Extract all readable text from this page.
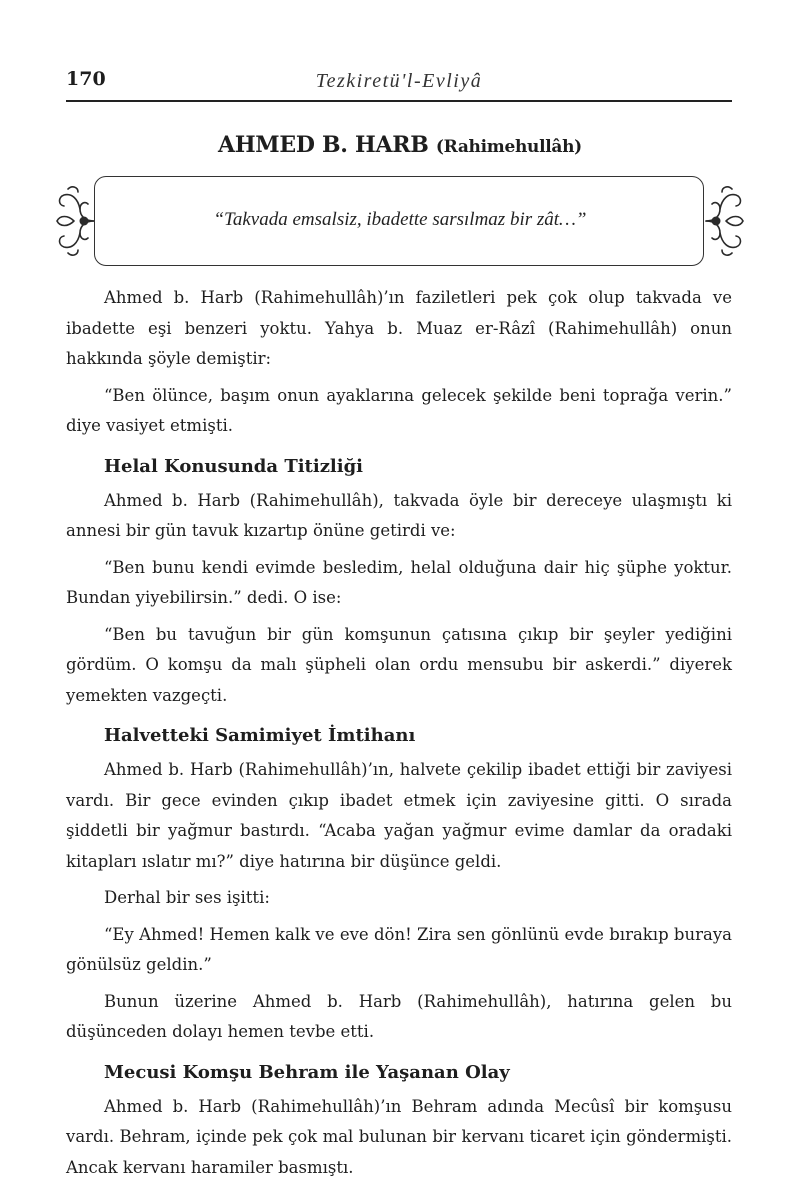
170	Tezkiretü'l-Evliyâ
AHMED B. HARB (Rahimehullâh)
“Takvada emsalsiz, ibadette sarsılmaz bir zât…”

Ahmed b. Harb (Rahimehullâh)’ın faziletleri pek çok olup takvada ve ibadette eşi benzeri yoktu. Yahya b. Muaz er-Râzî (Rahimehullâh) onun hakkında şöyle demiştir:

“Ben ölünce, başım onun ayaklarına gelecek şekilde beni toprağa verin.” diye vasiyet etmişti.

Helal Konusunda Titizliği

Ahmed b. Harb (Rahimehullâh), takvada öyle bir dereceye ulaşmıştı ki annesi bir gün tavuk kızartıp önüne getirdi ve:

“Ben bunu kendi evimde besledim, helal olduğuna dair hiç şüphe yoktur. Bundan yiyebilirsin.” dedi. O ise:

“Ben bu tavuğun bir gün komşunun çatısına çıkıp bir şeyler yediğini gördüm. O komşu da malı şüpheli olan ordu mensubu bir askerdi.” diyerek yemekten vazgeçti.

Halvetteki Samimiyet İmtihanı

Ahmed b. Harb (Rahimehullâh)’ın, halvete çekilip ibadet ettiği bir zaviyesi vardı. Bir gece evinden çıkıp ibadet etmek için zaviyesine gitti. O sırada şiddetli bir yağmur bastırdı. “Acaba yağan yağmur evime damlar da oradaki kitapları ıslatır mı?” diye hatırına bir düşünce geldi.

Derhal bir ses işitti:

“Ey Ahmed! Hemen kalk ve eve dön! Zira sen gönlünü evde bırakıp buraya gönülsüz geldin.”

Bunun üzerine Ahmed b. Harb (Rahimehullâh), hatırına gelen bu düşünceden dolayı hemen tevbe etti.

Mecusi Komşu Behram ile Yaşanan Olay

Ahmed b. Harb (Rahimehullâh)’ın Behram adında Mecûsî bir komşusu vardı. Behram, içinde pek çok mal bulunan bir kervanı ticaret için göndermişti. Ancak kervanı haramiler basmıştı.
